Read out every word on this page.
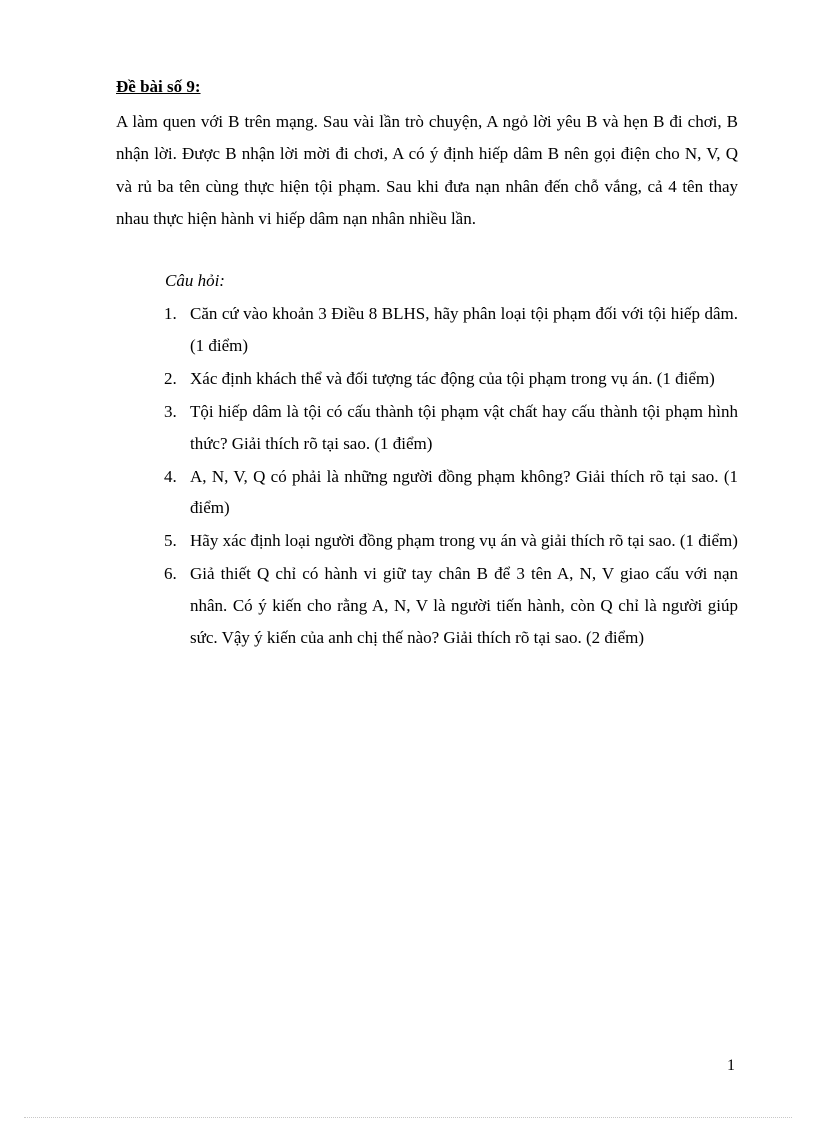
Đề bài số 9:
A làm quen với B trên mạng. Sau vài lần trò chuyện, A ngỏ lời yêu B và hẹn B đi chơi, B nhận lời. Được B nhận lời mời đi chơi, A có ý định hiếp dâm B nên gọi điện cho N, V, Q và rủ ba tên cùng thực hiện tội phạm. Sau khi đưa nạn nhân đến chỗ vắng, cả 4 tên thay nhau thực hiện hành vi hiếp dâm nạn nhân nhiều lần.
Câu hỏi:
1. Căn cứ vào khoản 3 Điều 8 BLHS, hãy phân loại tội phạm đối với tội hiếp dâm. (1 điểm)
2. Xác định khách thể và đối tượng tác động của tội phạm trong vụ án. (1 điểm)
3. Tội hiếp dâm là tội có cấu thành tội phạm vật chất hay cấu thành tội phạm hình thức? Giải thích rõ tại sao. (1 điểm)
4. A, N, V, Q có phải là những người đồng phạm không? Giải thích rõ tại sao. (1 điểm)
5. Hãy xác định loại người đồng phạm trong vụ án và giải thích rõ tại sao. (1 điểm)
6. Giả thiết Q chỉ có hành vi giữ tay chân B để 3 tên A, N, V giao cấu với nạn nhân. Có ý kiến cho rằng A, N, V là người tiến hành, còn Q chỉ là người giúp sức. Vậy ý kiến của anh chị thế nào? Giải thích rõ tại sao. (2 điểm)
1
